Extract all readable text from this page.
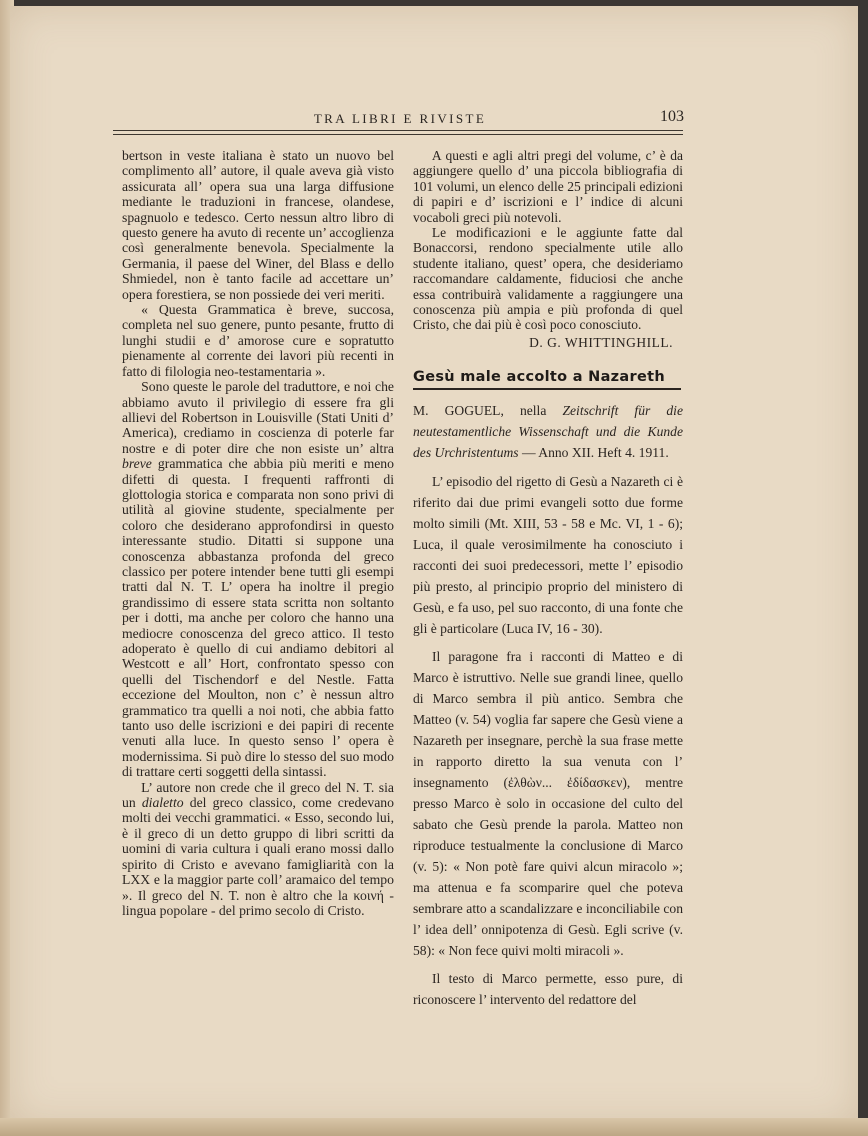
TRA LIBRI E RIVISTE	103

bertson in veste italiana è stato un nuovo bel complimento all’ autore, il quale aveva già visto assicurata all’ opera sua una larga diffusione mediante le traduzioni in francese, olandese, spagnuolo e tedesco. Certo nessun altro libro di questo genere ha avuto di recente un’ accoglienza così generalmente benevola. Specialmente la Germania, il paese del Winer, del Blass e dello Shmiedel, non è tanto facile ad accettare un’ opera forestiera, se non possiede dei veri meriti.

« Questa Grammatica è breve, succosa, completa nel suo genere, punto pesante, frutto di lunghi studii e d’ amorose cure e sopratutto pienamente al corrente dei lavori più recenti in fatto di filologia neo-testamentaria ».

Sono queste le parole del traduttore, e noi che abbiamo avuto il privilegio di essere fra gli allievi del Robertson in Louisville (Stati Uniti d’ America), crediamo in coscienza di poterle far nostre e di poter dire che non esiste un’ altra breve grammatica che abbia più meriti e meno difetti di questa. I frequenti raffronti di glottologia storica e comparata non sono privi di utilità al giovine studente, specialmente per coloro che desiderano approfondirsi in questo interessante studio. Ditatti si suppone una conoscenza abbastanza profonda del greco classico per potere intender bene tutti gli esempi tratti dal N. T. L’ opera ha inoltre il pregio grandissimo di essere stata scritta non soltanto per i dotti, ma anche per coloro che hanno una mediocre conoscenza del greco attico. Il testo adoperato è quello di cui andiamo debitori al Westcott e all’ Hort, confrontato spesso con quelli del Tischendorf e del Nestle. Fatta eccezione del Moulton, non c’ è nessun altro grammatico tra quelli a noi noti, che abbia fatto tanto uso delle iscrizioni e dei papiri di recente venuti alla luce. In questo senso l’ opera è modernissima. Si può dire lo stesso del suo modo di trattare certi soggetti della sintassi.

L’ autore non crede che il greco del N. T. sia un dialetto del greco classico, come credevano molti dei vecchi grammatici. « Esso, secondo lui, è il greco di un detto gruppo di libri scritti da uomini di varia cultura i quali erano mossi dallo spirito di Cristo e avevano famigliarità con la LXX e la maggior parte coll’ aramaico del tempo ». Il greco del N. T. non è altro che la κοινή - lingua popolare - del primo secolo di Cristo.

A questi e agli altri pregi del volume, c’ è da aggiungere quello d’ una piccola bibliografia di 101 volumi, un elenco delle 25 principali edizioni di papiri e d’ iscrizioni e l’ indice di alcuni vocaboli greci più notevoli.

Le modificazioni e le aggiunte fatte dal Bonaccorsi, rendono specialmente utile allo studente italiano, quest’ opera, che desideriamo raccomandare caldamente, fiduciosi che anche essa contribuirà validamente a raggiungere una conoscenza più ampia e più profonda di quel Cristo, che dai più è così poco conosciuto.

D. G. WHITTINGHILL.

Gesù male accolto a Nazareth

M. GOGUEL, nella Zeitschrift für die neutestamentliche Wissenschaft und die Kunde des Urchristentums — Anno XII. Heft 4. 1911.

L’ episodio del rigetto di Gesù a Nazareth ci è riferito dai due primi evangeli sotto due forme molto simili (Mt. XIII, 53 - 58 e Mc. VI, 1 - 6); Luca, il quale verosimilmente ha conosciuto i racconti dei suoi predecessori, mette l’ episodio più presto, al principio proprio del ministero di Gesù, e fa uso, pel suo racconto, di una fonte che gli è particolare (Luca IV, 16 - 30).

Il paragone fra i racconti di Matteo e di Marco è istruttivo. Nelle sue grandi linee, quello di Marco sembra il più antico. Sembra che Matteo (v. 54) voglia far sapere che Gesù viene a Nazareth per insegnare, perchè la sua frase mette in rapporto diretto la sua venuta con l’ insegnamento (ἐλθὼν... ἐδίδασκεν), mentre presso Marco è solo in occasione del culto del sabato che Gesù prende la parola. Matteo non riproduce testualmente la conclusione di Marco (v. 5): « Non potè fare quivi alcun miracolo »; ma attenua e fa scomparire quel che poteva sembrare atto a scandalizzare e inconciliabile con l’ idea dell’ onnipotenza di Gesù. Egli scrive (v. 58): « Non fece quivi molti miracoli ».

Il testo di Marco permette, esso pure, di riconoscere l’ intervento del redattore del
